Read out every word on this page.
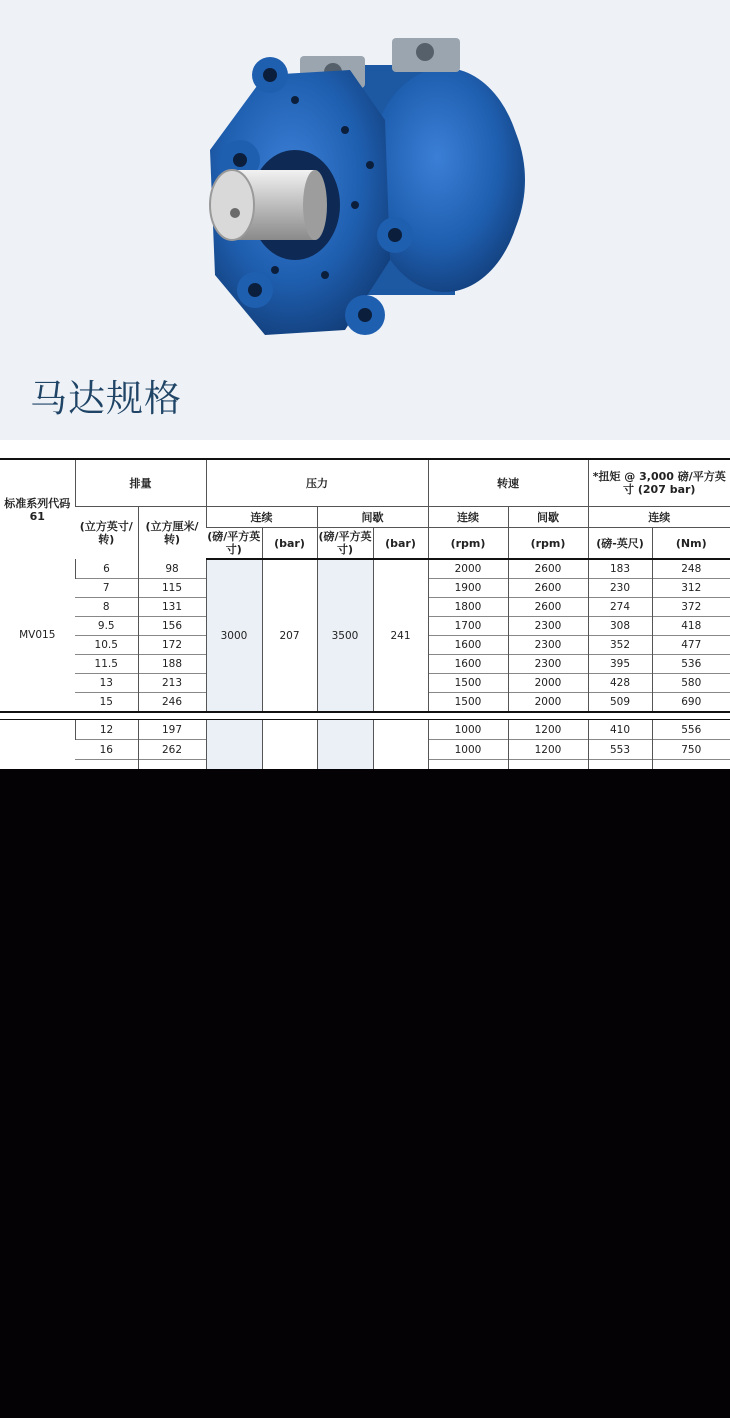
马达规格
标准系列代码 61	排量		压力				转速		*扭矩 @ 3,000 磅/平方英寸 (207 bar)	
	(立方英寸/转)	(立方厘米/转)	连续		间歇		连续	间歇	连续	
			(磅/平方英寸)	(bar)	(磅/平方英寸)	(bar)	(rpm)	(rpm)	(磅-英尺)	(Nm)
MV015	6	98	3000	207	3500	241	2000	2600	183	248
	7	115					1900	2600	230	312
	8	131					1800	2600	274	372
	9.5	156					1700	2300	308	418
	10.5	172					1600	2300	352	477
	11.5	188					1600	2300	395	536
	13	213					1500	2000	428	580
	15	246					1500	2000	509	690

	12	197					1000	1200	410	556
	16	262					1000	1200	553	750
